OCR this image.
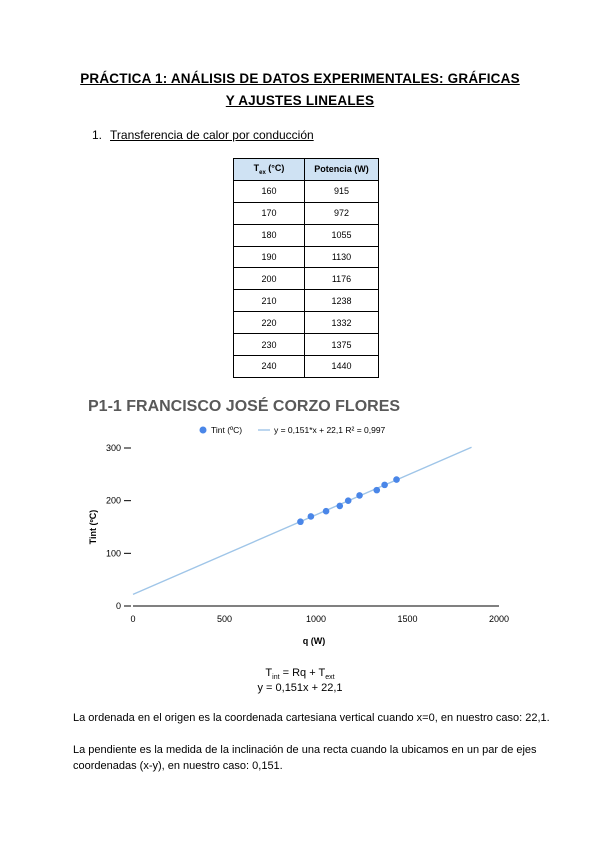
PRÁCTICA 1: ANÁLISIS DE DATOS EXPERIMENTALES: GRÁFICAS
Y AJUSTES LINEALES
1. Transferencia de calor por conducción
$T_{ex}$ (°C)	Potencia (W)
160	915
170	972
180	1055
190	1130
200	1176
210	1238
220	1332
230	1375
240	1440
P1-1 FRANCISCO JOSÉ CORZO FLORES
0
100
200
300
0	500	1000	1500	2000
q (W)
Tint (ºC)
Tint (ºC)	y = 0,151*x + 22,1 R² = 0,997
$T_{int} = Rq + T_{ext}$
y = 0,151x + 22,1
La ordenada en el origen es la coordenada cartesiana vertical cuando x=0, en nuestro caso: 22,1.
La pendiente es la medida de la inclinación de una recta cuando la ubicamos en un par de ejes coordenadas (x-y), en nuestro caso: 0,151.
